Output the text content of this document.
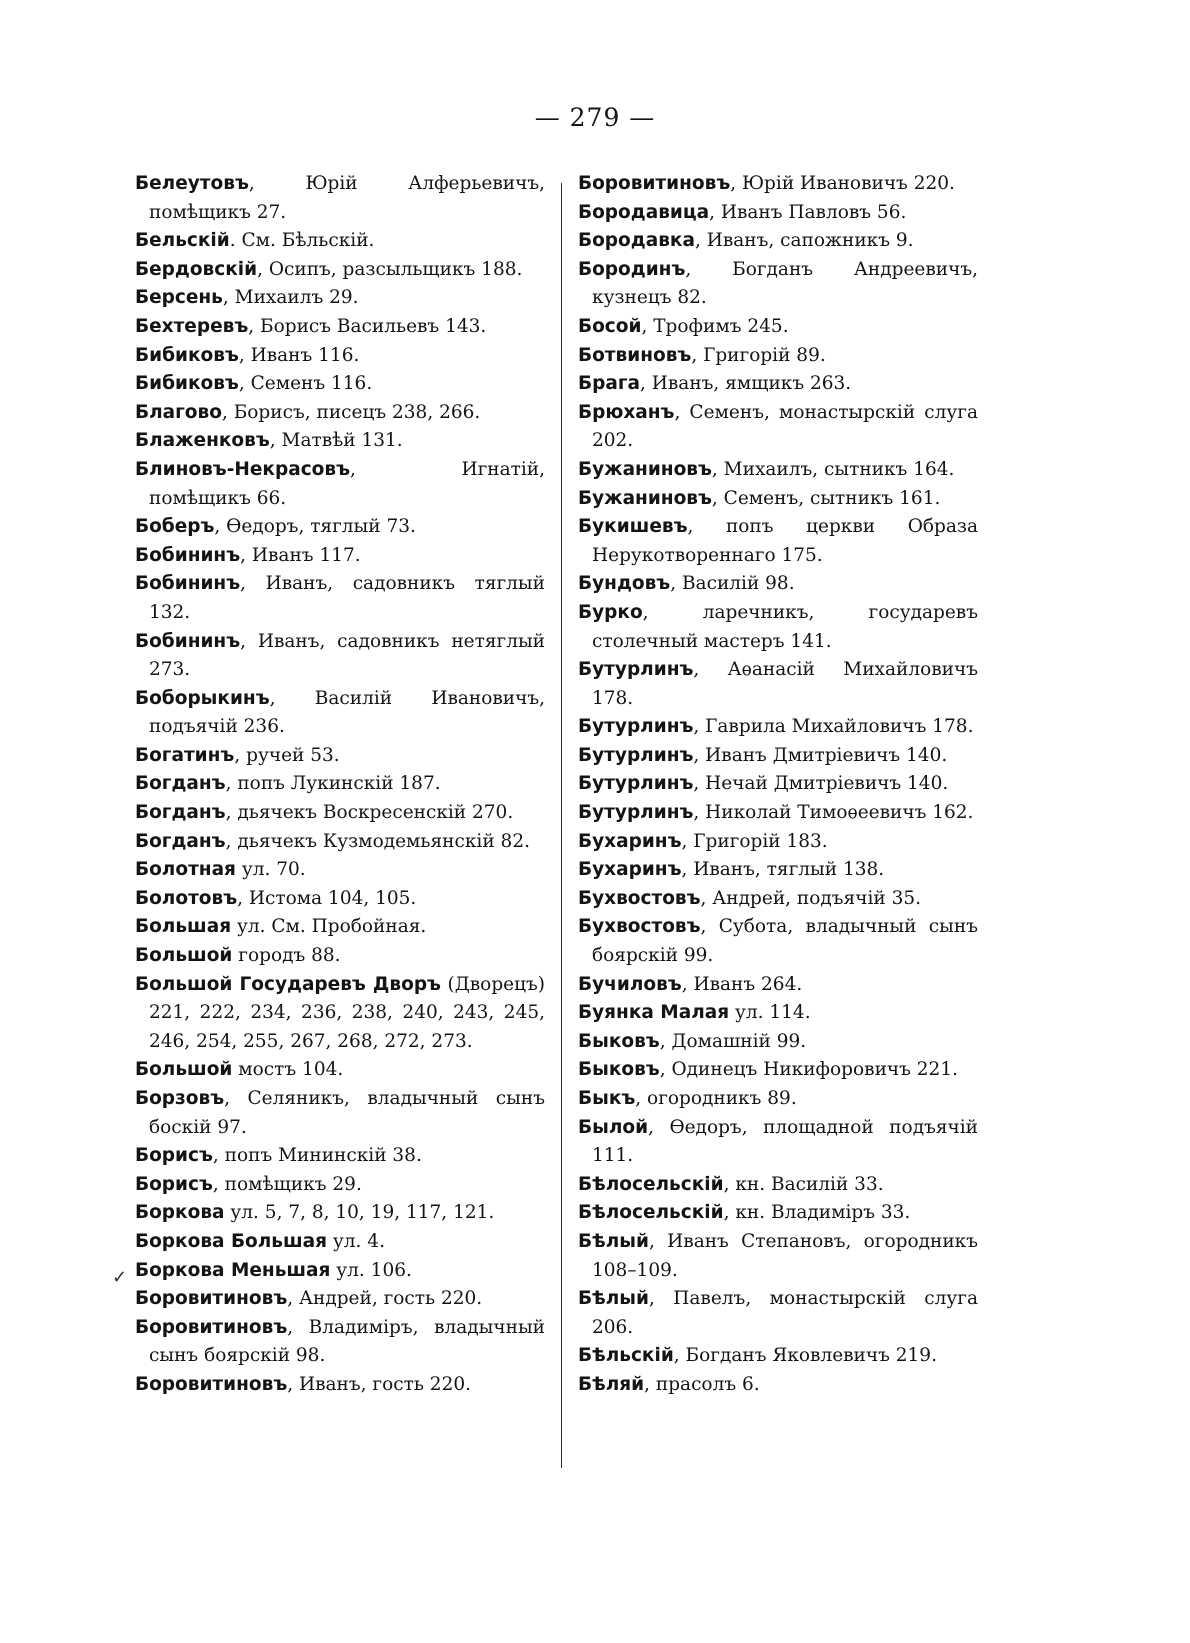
— 279 —
✓
Белеутовъ, Юрій Алферьевичъ, помѣщикъ 27.
Бельскій. См. Бѣльскій.
Бердовскій, Осипъ, разсыльщикъ 188.
Берсень, Михаилъ 29.
Бехтеревъ, Борисъ Васильевъ 143.
Бибиковъ, Иванъ 116.
Бибиковъ, Семенъ 116.
Благово, Борисъ, писецъ 238, 266.
Блаженковъ, Матвѣй 131.
Блиновъ-Некрасовъ, Игнатій, помѣщикъ 66.
Боберъ, Ѳедоръ, тяглый 73.
Бобининъ, Иванъ 117.
Бобининъ, Иванъ, садовникъ тяглый 132.
Бобининъ, Иванъ, садовникъ нетяглый 273.
Боборыкинъ, Василій Ивановичъ, подъячій 236.
Богатинъ, ручей 53.
Богданъ, попъ Лукинскій 187.
Богданъ, дьячекъ Воскресенскій 270.
Богданъ, дьячекъ Кузмодемьянскій 82.
Болотная ул. 70.
Болотовъ, Истома 104, 105.
Большая ул. См. Пробойная.
Большой городъ 88.
Большой Государевъ Дворъ (Дворецъ) 221, 222, 234, 236, 238, 240, 243, 245, 246, 254, 255, 267, 268, 272, 273.
Большой мостъ 104.
Борзовъ, Селяникъ, владычный сынъ боскій 97.
Борисъ, попъ Мининскій 38.
Борисъ, помѣщикъ 29.
Боркова ул. 5, 7, 8, 10, 19, 117, 121.
Боркова Большая ул. 4.
Боркова Меньшая ул. 106.
Боровитиновъ, Андрей, гость 220.
Боровитиновъ, Владиміръ, владычный сынъ боярскій 98.
Боровитиновъ, Иванъ, гость 220.
Боровитиновъ, Юрій Ивановичъ 220.
Бородавица, Иванъ Павловъ 56.
Бородавка, Иванъ, сапожникъ 9.
Бородинъ, Богданъ Андреевичъ, кузнецъ 82.
Босой, Трофимъ 245.
Ботвиновъ, Григорій 89.
Брага, Иванъ, ямщикъ 263.
Брюханъ, Семенъ, монастырскій слуга 202.
Бужаниновъ, Михаилъ, сытникъ 164.
Бужаниновъ, Семенъ, сытникъ 161.
Букишевъ, попъ церкви Образа Нерукотвореннаго 175.
Бундовъ, Василій 98.
Бурко, ларечникъ, государевъ столечный мастеръ 141.
Бутурлинъ, Аѳанасій Михайловичъ 178.
Бутурлинъ, Гаврила Михайловичъ 178.
Бутурлинъ, Иванъ Дмитріевичъ 140.
Бутурлинъ, Нечай Дмитріевичъ 140.
Бутурлинъ, Николай Тимоѳеевичъ 162.
Бухаринъ, Григорій 183.
Бухаринъ, Иванъ, тяглый 138.
Бухвостовъ, Андрей, подъячій 35.
Бухвостовъ, Субота, владычный сынъ боярскій 99.
Бучиловъ, Иванъ 264.
Буянка Малая ул. 114.
Быковъ, Домашній 99.
Быковъ, Одинецъ Никифоровичъ 221.
Быкъ, огородникъ 89.
Былой, Ѳедоръ, площадной подъячій 111.
Бѣлосельскій, кн. Василій 33.
Бѣлосельскій, кн. Владиміръ 33.
Бѣлый, Иванъ Степановъ, огородникъ 108–109.
Бѣлый, Павелъ, монастырскій слуга 206.
Бѣльскій, Богданъ Яковлевичъ 219.
Бѣляй, прасолъ 6.
